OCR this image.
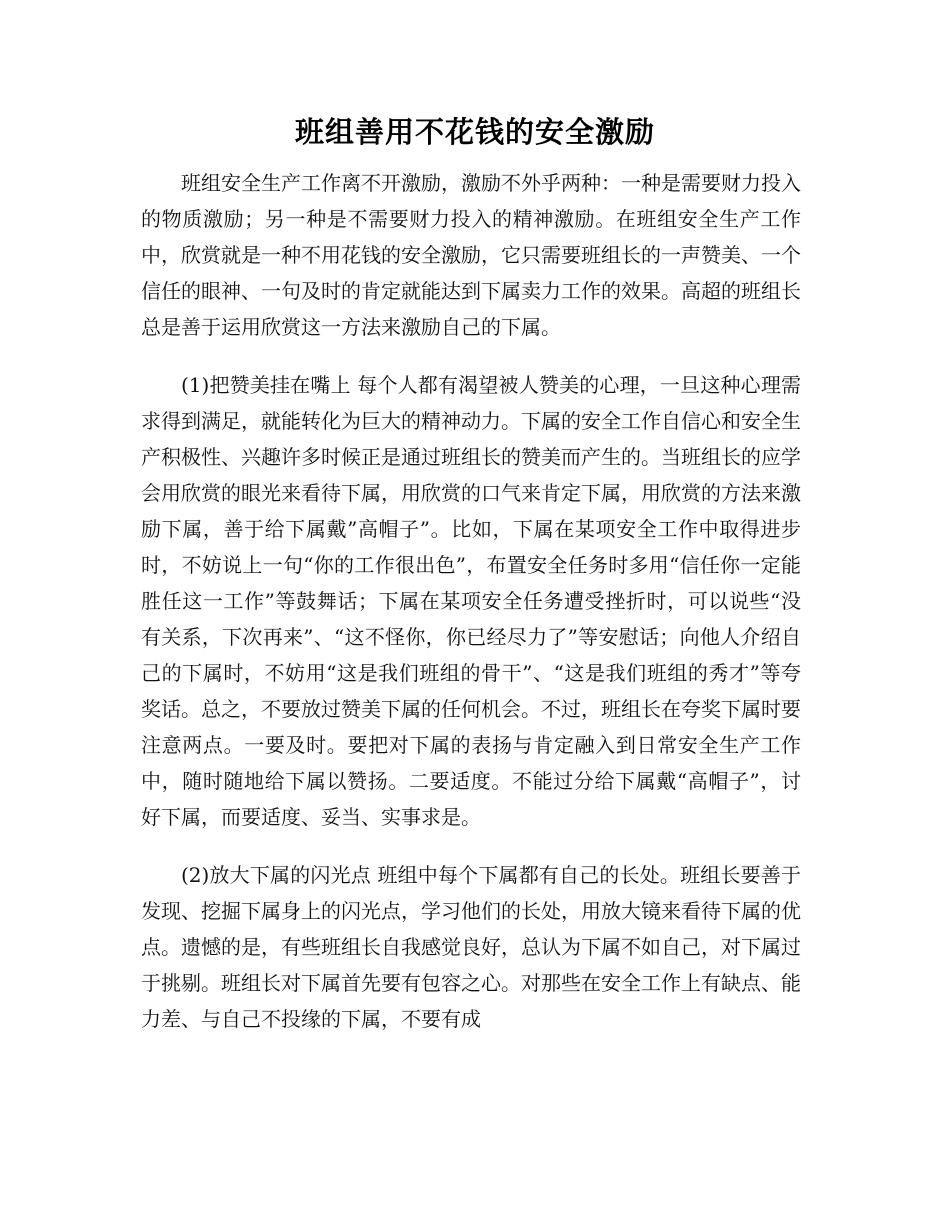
班组善用不花钱的安全激励

班组安全生产工作离不开激励，激励不外乎两种：一种是需要财力投入的物质激励；另一种是不需要财力投入的精神激励。在班组安全生产工作中，欣赏就是一种不用花钱的安全激励，它只需要班组长的一声赞美、一个信任的眼神、一句及时的肯定就能达到下属卖力工作的效果。高超的班组长总是善于运用欣赏这一方法来激励自己的下属。

(1)把赞美挂在嘴上 每个人都有渴望被人赞美的心理，一旦这种心理需求得到满足，就能转化为巨大的精神动力。下属的安全工作自信心和安全生产积极性、兴趣许多时候正是通过班组长的赞美而产生的。当班组长的应学会用欣赏的眼光来看待下属，用欣赏的口气来肯定下属，用欣赏的方法来激励下属，善于给下属戴”高帽子”。比如，下属在某项安全工作中取得进步时，不妨说上一句“你的工作很出色”，布置安全任务时多用“信任你一定能胜任这一工作”等鼓舞话；下属在某项安全任务遭受挫折时，可以说些“没有关系，下次再来”、“这不怪你，你已经尽力了”等安慰话；向他人介绍自己的下属时，不妨用“这是我们班组的骨干”、“这是我们班组的秀才”等夸奖话。总之，不要放过赞美下属的任何机会。不过，班组长在夸奖下属时要注意两点。一要及时。要把对下属的表扬与肯定融入到日常安全生产工作中，随时随地给下属以赞扬。二要适度。不能过分给下属戴“高帽子”，讨好下属，而要适度、妥当、实事求是。

(2)放大下属的闪光点 班组中每个下属都有自己的长处。班组长要善于发现、挖掘下属身上的闪光点，学习他们的长处，用放大镜来看待下属的优点。遗憾的是，有些班组长自我感觉良好，总认为下属不如自己，对下属过于挑剔。班组长对下属首先要有包容之心。对那些在安全工作上有缺点、能力差、与自己不投缘的下属，不要有成
